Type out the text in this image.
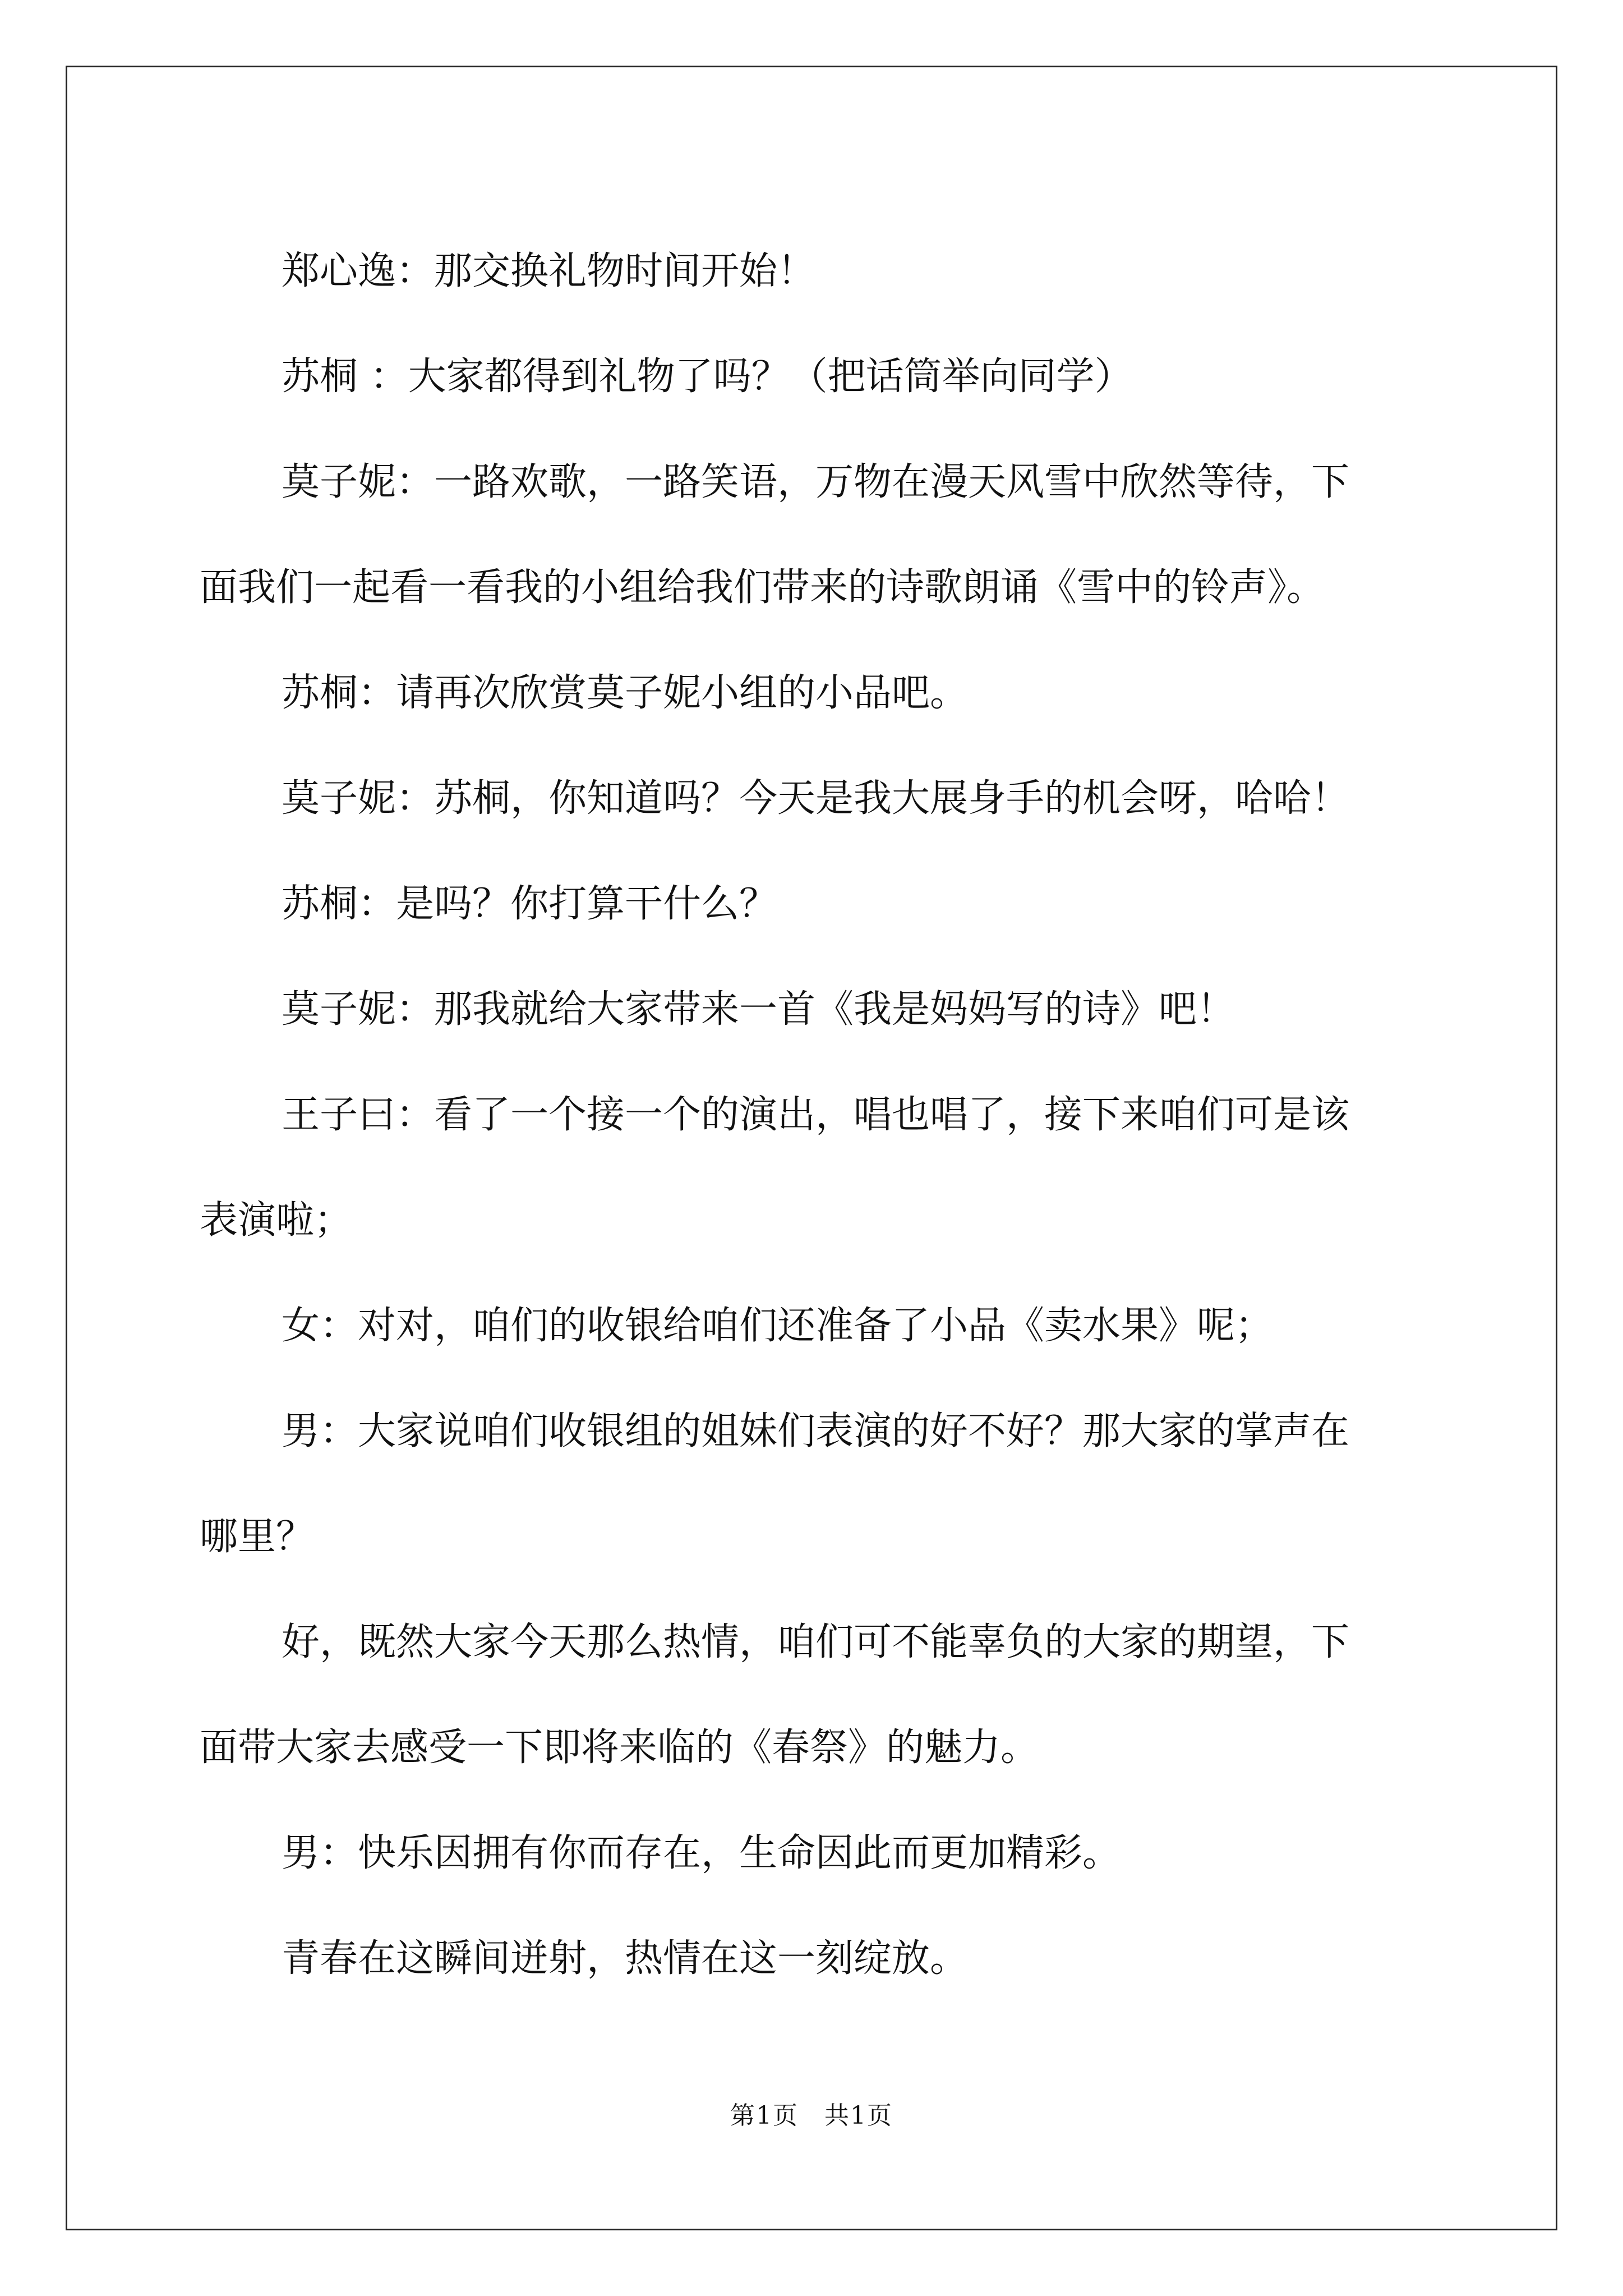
郑心逸：那交换礼物时间开始！
苏桐 ：大家都得到礼物了吗？（把话筒举向同学）
莫子妮：一路欢歌，一路笑语，万物在漫天风雪中欣然等待，下
面我们一起看一看我的小组给我们带来的诗歌朗诵《雪中的铃声》。
苏桐：请再次欣赏莫子妮小组的小品吧。
莫子妮：苏桐，你知道吗？今天是我大展身手的机会呀，哈哈！
苏桐：是吗？你打算干什么？
莫子妮：那我就给大家带来一首《我是妈妈写的诗》吧！
王子曰：看了一个接一个的演出，唱也唱了，接下来咱们可是该
表演啦；
女：对对，咱们的收银给咱们还准备了小品《卖水果》呢；
男：大家说咱们收银组的姐妹们表演的好不好？那大家的掌声在
哪里？
好，既然大家今天那么热情，咱们可不能辜负的大家的期望，下
面带大家去感受一下即将来临的《春祭》的魅力。
男：快乐因拥有你而存在，生命因此而更加精彩。
青春在这瞬间迸射，热情在这一刻绽放。
第1页　共1页
